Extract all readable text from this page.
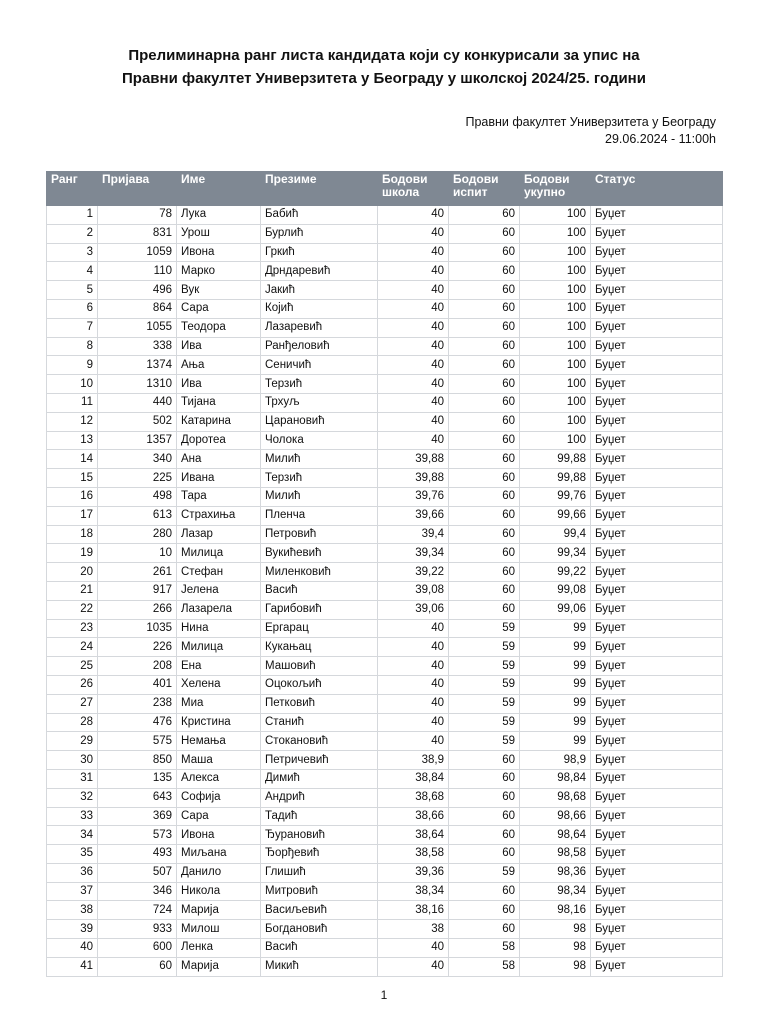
Прелиминарна ранг листа кандидата који су конкурисали за упис на
Правни факултет Универзитета у Београду у школској 2024/25. години
Правни факултет Универзитета у Београду
29.06.2024 - 11:00h
Ранг	Пријава	Име	Презиме	Бодови школа	Бодови испит	Бодови укупно	Статус
1	78	Лука	Бабић	40	60	100	Буџет
2	831	Урош	Бурлић	40	60	100	Буџет
3	1059	Ивона	Гркић	40	60	100	Буџет
4	110	Марко	Дрндаревић	40	60	100	Буџет
5	496	Вук	Јакић	40	60	100	Буџет
6	864	Сара	Којић	40	60	100	Буџет
7	1055	Теодора	Лазаревић	40	60	100	Буџет
8	338	Ива	Ранђеловић	40	60	100	Буџет
9	1374	Ања	Сеничић	40	60	100	Буџет
10	1310	Ива	Терзић	40	60	100	Буџет
11	440	Тијана	Трхуљ	40	60	100	Буџет
12	502	Катарина	Царановић	40	60	100	Буџет
13	1357	Доротеа	Чолока	40	60	100	Буџет
14	340	Ана	Милић	39,88	60	99,88	Буџет
15	225	Ивана	Терзић	39,88	60	99,88	Буџет
16	498	Тара	Милић	39,76	60	99,76	Буџет
17	613	Страхиња	Пленча	39,66	60	99,66	Буџет
18	280	Лазар	Петровић	39,4	60	99,4	Буџет
19	10	Милица	Вукићевић	39,34	60	99,34	Буџет
20	261	Стефан	Миленковић	39,22	60	99,22	Буџет
21	917	Јелена	Васић	39,08	60	99,08	Буџет
22	266	Лазарела	Гарибовић	39,06	60	99,06	Буџет
23	1035	Нина	Ергарац	40	59	99	Буџет
24	226	Милица	Кукањац	40	59	99	Буџет
25	208	Ена	Машовић	40	59	99	Буџет
26	401	Хелена	Оцокољић	40	59	99	Буџет
27	238	Миа	Петковић	40	59	99	Буџет
28	476	Кристина	Станић	40	59	99	Буџет
29	575	Немања	Стокановић	40	59	99	Буџет
30	850	Маша	Петричевић	38,9	60	98,9	Буџет
31	135	Алекса	Димић	38,84	60	98,84	Буџет
32	643	Софија	Андрић	38,68	60	98,68	Буџет
33	369	Сара	Тадић	38,66	60	98,66	Буџет
34	573	Ивона	Ђурановић	38,64	60	98,64	Буџет
35	493	Миљана	Ђорђевић	38,58	60	98,58	Буџет
36	507	Данило	Глишић	39,36	59	98,36	Буџет
37	346	Никола	Митровић	38,34	60	98,34	Буџет
38	724	Марија	Васиљевић	38,16	60	98,16	Буџет
39	933	Милош	Богдановић	38	60	98	Буџет
40	600	Ленка	Васић	40	58	98	Буџет
41	60	Марија	Микић	40	58	98	Буџет
1
